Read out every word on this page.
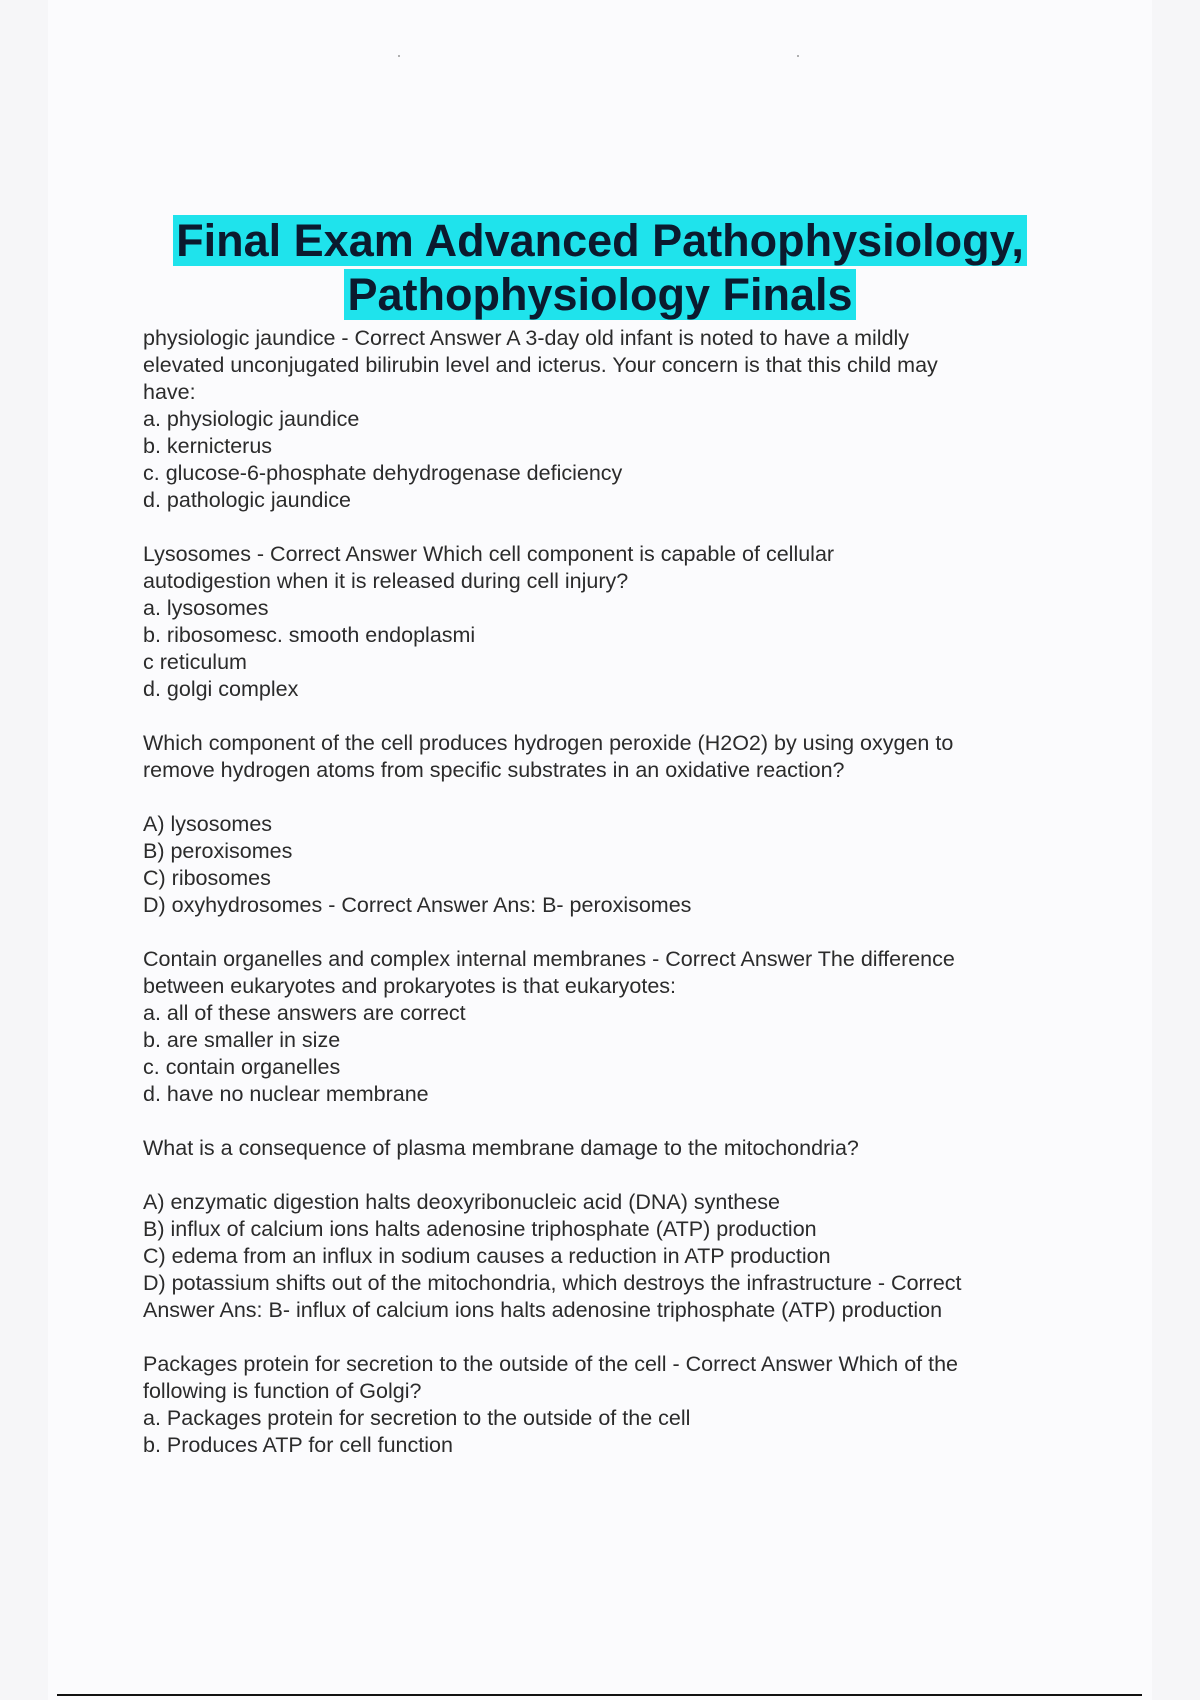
Final Exam Advanced Pathophysiology,
Pathophysiology Finals

physiologic jaundice - Correct Answer A 3-day old infant is noted to have a mildly

elevated unconjugated bilirubin level and icterus. Your concern is that this child may

have:

a. physiologic jaundice

b. kernicterus

c. glucose-6-phosphate dehydrogenase deficiency

d. pathologic jaundice

Lysosomes - Correct Answer Which cell component is capable of cellular

autodigestion when it is released during cell injury?

a. lysosomes

b. ribosomesc. smooth endoplasmi

c reticulum

d. golgi complex

Which component of the cell produces hydrogen peroxide (H2O2) by using oxygen to

remove hydrogen atoms from specific substrates in an oxidative reaction?

A) lysosomes

B) peroxisomes

C) ribosomes

D) oxyhydrosomes - Correct Answer Ans: B- peroxisomes

Contain organelles and complex internal membranes - Correct Answer The difference

between eukaryotes and prokaryotes is that eukaryotes:

a. all of these answers are correct

b. are smaller in size

c. contain organelles

d. have no nuclear membrane

What is a consequence of plasma membrane damage to the mitochondria?

A) enzymatic digestion halts deoxyribonucleic acid (DNA) synthese

B) influx of calcium ions halts adenosine triphosphate (ATP) production

C) edema from an influx in sodium causes a reduction in ATP production

D) potassium shifts out of the mitochondria, which destroys the infrastructure - Correct

Answer Ans: B- influx of calcium ions halts adenosine triphosphate (ATP) production

Packages protein for secretion to the outside of the cell - Correct Answer Which of the

following is function of Golgi?

a. Packages protein for secretion to the outside of the cell

b. Produces ATP for cell function
